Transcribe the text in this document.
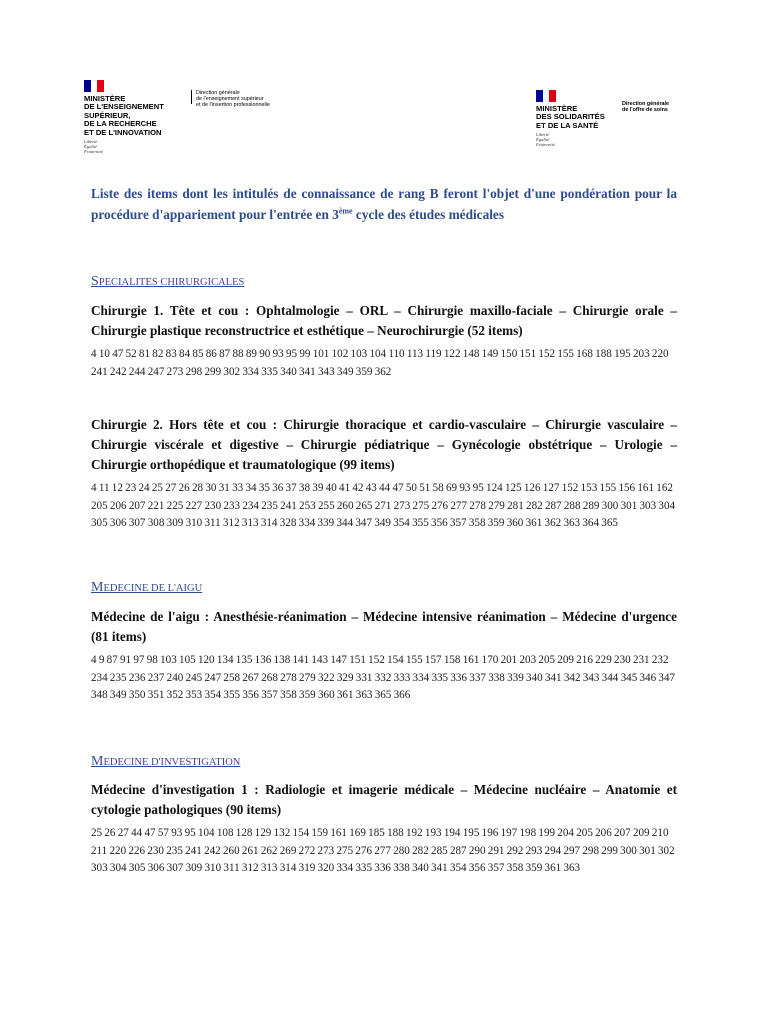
MINISTÈRE
DE L'ENSEIGNEMENT
SUPÉRIEUR,
DE LA RECHERCHE
ET DE L'INNOVATION
Liberté
Égalité
Fraternité
Direction générale
de l'enseignement supérieur
et de l'insertion professionnelle	MINISTÈRE
DES SOLIDARITÉS
ET DE LA SANTÉ
Liberté
Égalité
Fraternité
Direction générale
de l'offre de soins
Liste des items dont les intitulés de connaissance de rang B feront l'objet d'une pondération pour la procédure d'appariement pour l'entrée en 3ème cycle des études médicales
SPECIALITES CHIRURGICALES
Chirurgie 1. Tête et cou : Ophtalmologie – ORL – Chirurgie maxillo-faciale – Chirurgie orale – Chirurgie plastique reconstructrice et esthétique – Neurochirurgie (52 items)
4 10 47 52 81 82 83 84 85 86 87 88 89 90 93 95 99 101 102 103 104 110 113 119 122 148 149 150 151 152 155 168 188 195 203 220 241 242 244 247 273 298 299 302 334 335 340 341 343 349 359 362
Chirurgie 2. Hors tête et cou : Chirurgie thoracique et cardio-vasculaire – Chirurgie vasculaire – Chirurgie viscérale et digestive – Chirurgie pédiatrique – Gynécologie obstétrique – Urologie – Chirurgie orthopédique et traumatologique (99 items)
4 11 12 23 24 25 27 26 28 30 31 33 34 35 36 37 38 39 40 41 42 43 44 47 50 51 58 69 93 95 124 125 126 127 152 153 155 156 161 162 205 206 207 221 225 227 230 233 234 235 241 253 255 260 265 271 273 275 276 277 278 279 281 282 287 288 289 300 301 303 304 305 306 307 308 309 310 311 312 313 314 328 334 339 344 347 349 354 355 356 357 358 359 360 361 362 363 364 365
MEDECINE DE L'AIGU
Médecine de l'aigu : Anesthésie-réanimation – Médecine intensive réanimation – Médecine d'urgence (81 items)
4 9 87 91 97 98 103 105 120 134 135 136 138 141 143 147 151 152 154 155 157 158 161 170 201 203 205 209 216 229 230 231 232 234 235 236 237 240 245 247 258 267 268 278 279 322 329 331 332 333 334 335 336 337 338 339 340 341 342 343 344 345 346 347 348 349 350 351 352 353 354 355 356 357 358 359 360 361 363 365 366
MEDECINE D'INVESTIGATION
Médecine d'investigation 1 : Radiologie et imagerie médicale – Médecine nucléaire – Anatomie et cytologie pathologiques (90 items)
25 26 27 44 47 57 93 95 104 108 128 129 132 154 159 161 169 185 188 192 193 194 195 196 197 198 199 204 205 206 207 209 210 211 220 226 230 235 241 242 260 261 262 269 272 273 275 276 277 280 282 285 287 290 291 292 293 294 297 298 299 300 301 302 303 304 305 306 307 309 310 311 312 313 314 319 320 334 335 336 338 340 341 354 356 357 358 359 361 363
